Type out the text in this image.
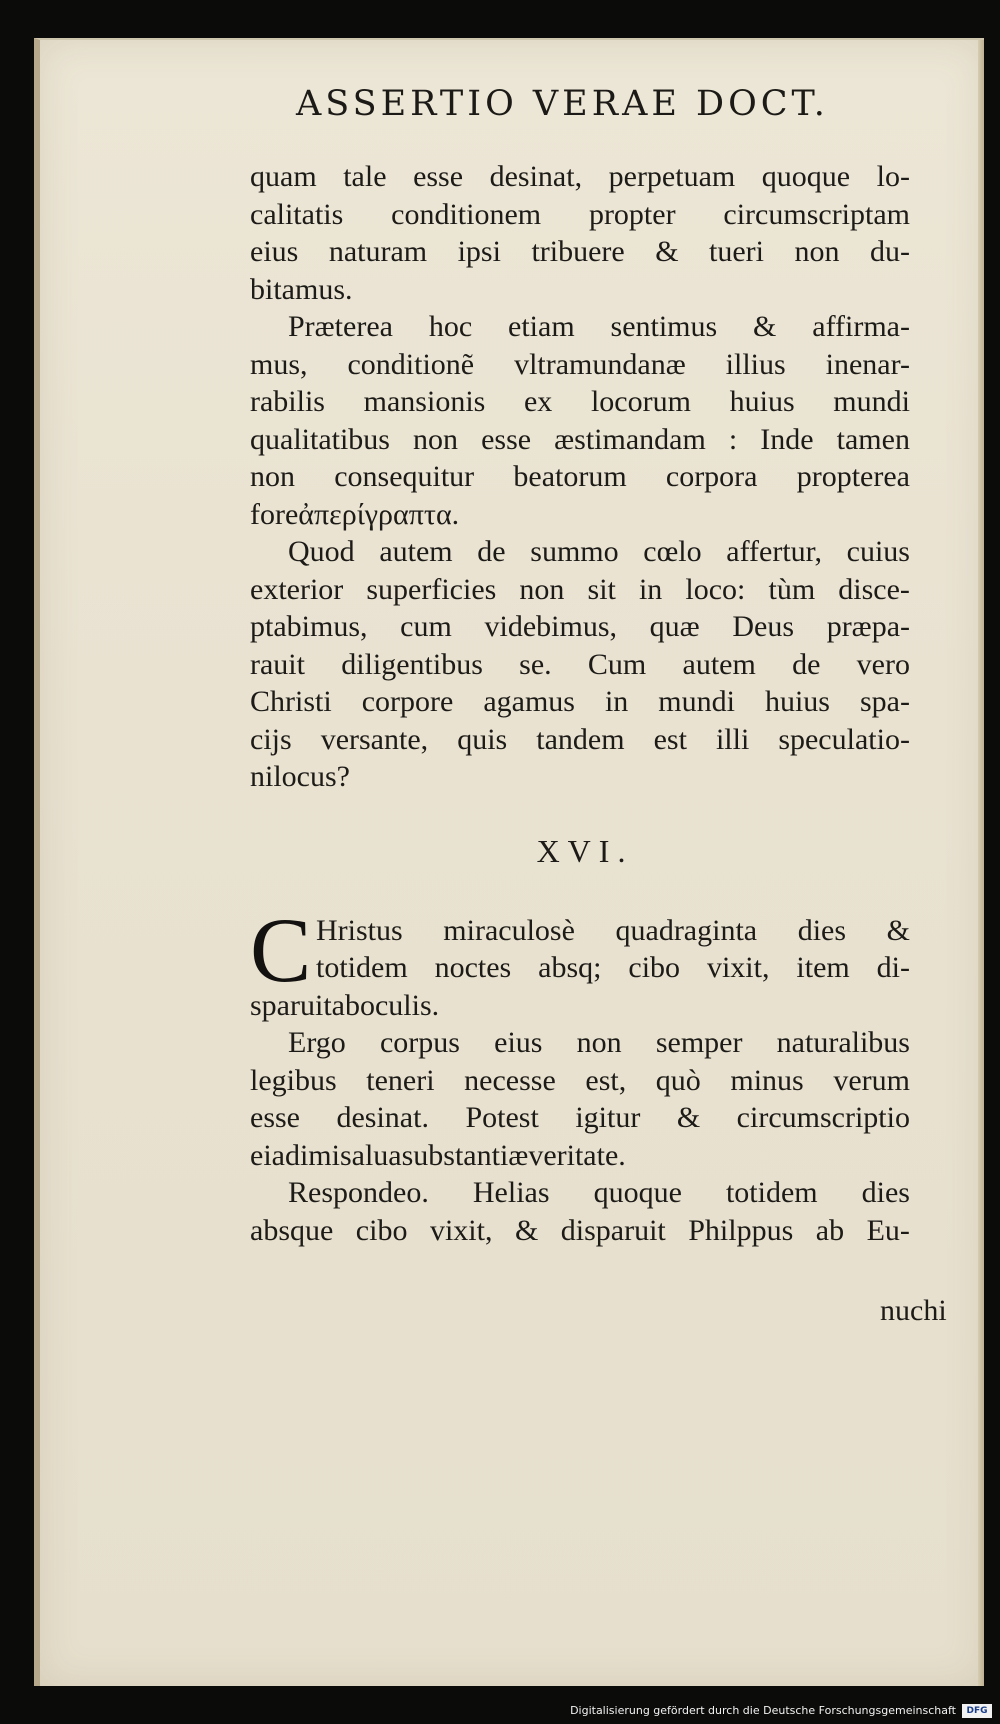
ASSERTIO VERAE DOCT.
quam tale esse desinat, perpetuam quoque lo-
calitatis conditionem propter circumscriptam
eius naturam ipsi tribuere & tueri non du-
bitamus.
Prӕterea hoc etiam sentimus & affirma-
mus, conditionẽ vltramundanӕ illius inenar-
rabilis mansionis ex locorum huius mundi
qualitatibus non esse ӕstimandam : Inde tamen
non consequitur beatorum corpora propterea
fore ἀπερίγραπτα.
Quod autem de summo cœlo affertur, cuius
exterior superficies non sit in loco: tùm disce-
ptabimus, cum videbimus, quӕ Deus prӕpa-
rauit diligentibus se. Cum autem de vero
Christi corpore agamus in mundi huius spa-
cijs versante, quis tandem est illi speculatio-
ni locus?
XVI.
C Hristus miraculosè quadraginta dies &
totidem noctes absq; cibo vixit, item di-
sparuit ab oculis.
Ergo corpus eius non semper naturalibus
legibus teneri necesse est, quò minus verum
esse desinat. Potest igitur & circumscriptio
ei adimi salua substantiӕ veritate.
Respondeo. Helias quoque totidem dies
absque cibo vixit, & disparuit Philppus ab Eu-
nuchi
Digitalisierung gefördert durch die Deutsche Forschungsgemeinschaft	DFG
